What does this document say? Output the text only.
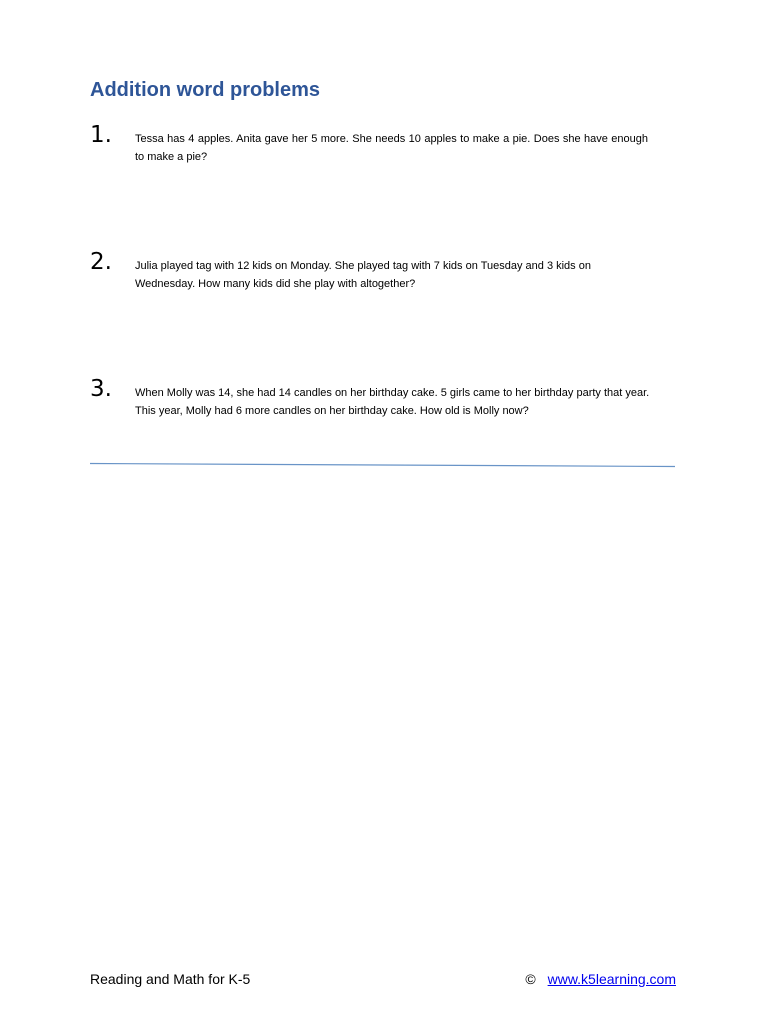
Addition word problems
1. Tessa has 4 apples. Anita gave her 5 more. She needs 10 apples to make a pie. Does she have enough to make a pie?

2. Julia played tag with 12 kids on Monday. She played tag with 7 kids on Tuesday and 3 kids on Wednesday. How many kids did she play with altogether?

3. When Molly was 14, she had 14 candles on her birthday cake. 5 girls came to her birthday party that year. This year, Molly had 6 more candles on her birthday cake. How old is Molly now?

Reading and Math for K-5	© www.k5learning.com
